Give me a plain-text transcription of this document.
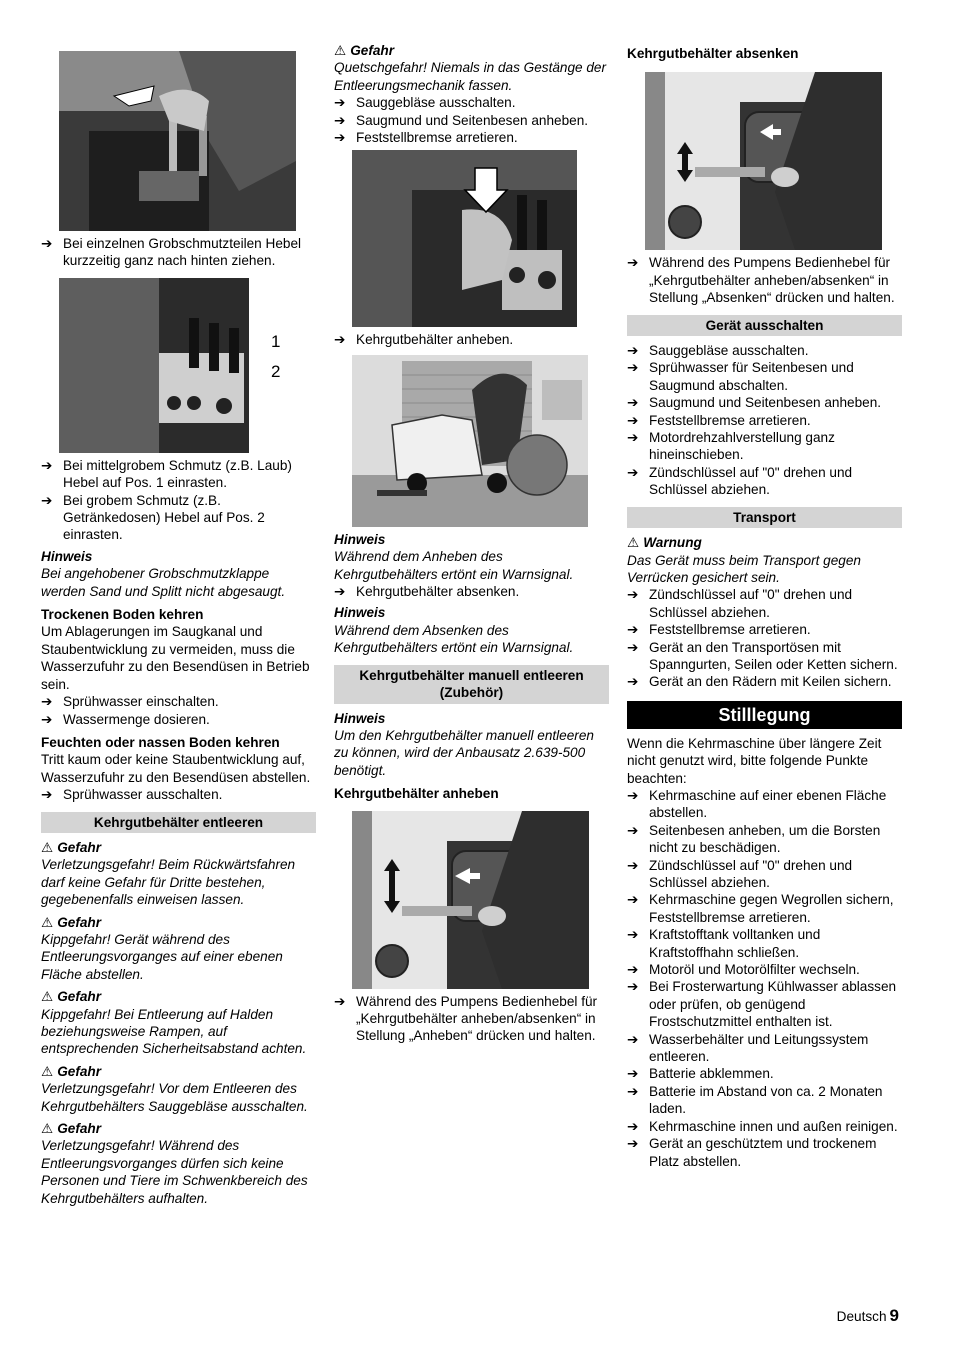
➔ Bei einzelnen Grobschmutzteilen Hebel kurzzeitig ganz nach hinten ziehen.

1
2

➔ Bei mittelgrobem Schmutz (z.B. Laub) Hebel auf Pos. 1 einrasten.

➔ Bei grobem Schmutz (z.B. Getränkedosen) Hebel auf Pos. 2 einrasten.

Hinweis

Bei angehobener Grobschmutzklappe werden Sand und Splitt nicht abgesaugt.

Trockenen Boden kehren

Um Ablagerungen im Saugkanal und Staubentwicklung zu vermeiden, muss die Wasserzufuhr zu den Besendüsen in Betrieb sein.

➔ Sprühwasser einschalten.

➔ Wassermenge dosieren.

Feuchten oder nassen Boden kehren

Tritt kaum oder keine Staubentwicklung auf, Wasserzufuhr zu den Besendüsen abstellen.

➔ Sprühwasser ausschalten.

Kehrgutbehälter entleeren

⚠ Gefahr

Verletzungsgefahr! Beim Rückwärtsfahren darf keine Gefahr für Dritte bestehen, gegebenenfalls einweisen lassen.

⚠ Gefahr

Kippgefahr! Gerät während des Entleerungsvorganges auf einer ebenen Fläche abstellen.

⚠ Gefahr

Kippgefahr! Bei Entleerung auf Halden beziehungsweise Rampen, auf entsprechenden Sicherheitsabstand achten.

⚠ Gefahr

Verletzungsgefahr! Vor dem Entleeren des Kehrgutbehälters Sauggebläse ausschalten.

⚠ Gefahr

Verletzungsgefahr! Während des Entleerungsvorganges dürfen sich keine Personen und Tiere im Schwenkbereich des Kehrgutbehälters aufhalten.

⚠ Gefahr

Quetschgefahr! Niemals in das Gestänge der Entleerungsmechanik fassen.

➔ Sauggebläse ausschalten.

➔ Saugmund und Seitenbesen anheben.

➔ Feststellbremse arretieren.

➔ Kehrgutbehälter anheben.

Hinweis

Während dem Anheben des Kehrgutbehälters ertönt ein Warnsignal.

➔ Kehrgutbehälter absenken.

Hinweis

Während dem Absenken des Kehrgutbehälters ertönt ein Warnsignal.

Kehrgutbehälter manuell entleeren (Zubehör)

Hinweis

Um den Kehrgutbehälter manuell entleeren zu können, wird der Anbausatz 2.639-500 benötigt.

Kehrgutbehälter anheben

➔ Während des Pumpens Bedienhebel für „Kehrgutbehälter anheben/absenken“ in Stellung „Anheben“ drücken und halten.

Kehrgutbehälter absenken

➔ Während des Pumpens Bedienhebel für „Kehrgutbehälter anheben/absenken“ in Stellung „Absenken“ drücken und halten.

Gerät ausschalten

➔ Sauggebläse ausschalten.

➔ Sprühwasser für Seitenbesen und Saugmund abschalten.

➔ Saugmund und Seitenbesen anheben.

➔ Feststellbremse arretieren.

➔ Motordrehzahlverstellung ganz hineinschieben.

➔ Zündschlüssel auf "0" drehen und Schlüssel abziehen.

Transport

⚠ Warnung

Das Gerät muss beim Transport gegen Verrücken gesichert sein.

➔ Zündschlüssel auf "0" drehen und Schlüssel abziehen.

➔ Feststellbremse arretieren.

➔ Gerät an den Transportösen mit Spanngurten, Seilen oder Ketten sichern.

➔ Gerät an den Rädern mit Keilen sichern.

Stilllegung

Wenn die Kehrmaschine über längere Zeit nicht genutzt wird, bitte folgende Punkte beachten:

➔ Kehrmaschine auf einer ebenen Fläche abstellen.

➔ Seitenbesen anheben, um die Borsten nicht zu beschädigen.

➔ Zündschlüssel auf "0" drehen und Schlüssel abziehen.

➔ Kehrmaschine gegen Wegrollen sichern, Feststellbremse arretieren.

➔ Kraftstofftank volltanken und Kraftstoffhahn schließen.

➔ Motoröl und Motorölfilter wechseln.

➔ Bei Frosterwartung Kühlwasser ablassen oder prüfen, ob genügend Frostschutzmittel enthalten ist.

➔ Wasserbehälter und Leitungssystem entleeren.

➔ Batterie abklemmen.

➔ Batterie im Abstand von ca. 2 Monaten laden.

➔ Kehrmaschine innen und außen reinigen.

➔ Gerät an geschütztem und trockenem Platz abstellen.

Deutsch 9
